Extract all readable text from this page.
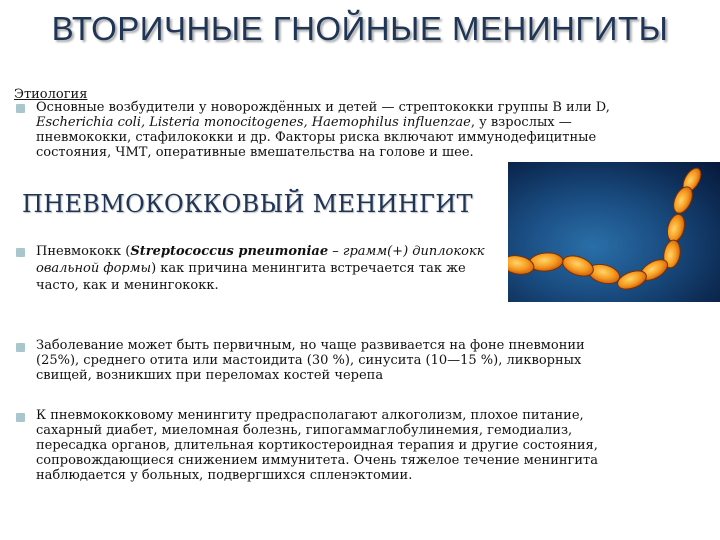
ВТОРИЧНЫЕ ГНОЙНЫЕ МЕНИНГИТЫ
Этиология
Основные возбудители у новорождённых и детей — стрептококки группы В или D,
Escherichia coli, Listeria monocitogenes, Haemophilus influenzae, у взрослых —
пневмококки, стафилококки и др. Факторы риска включают иммунодефицитные
состояния, ЧМТ, оперативные вмешательства на голове и шее.
ПНЕВМОКОККОВЫЙ МЕНИНГИТ
Пневмококк (Streptococcus pneumoniae – грамм(+) диплококк
овальной формы) как причина менингита встречается так же
часто, как и менингококк.
Заболевание может быть первичным, но чаще развивается на фоне пневмонии
(25%), среднего отита или мастоидита (30 %), синусита (10—15 %), ликворных
свищей, возникших при переломах костей черепа
К пневмококковому менингиту предрасполагают алкоголизм, плохое питание,
сахарный диабет, миеломная болезнь, гипогаммаглобулинемия, гемодиализ,
пересадка органов, длительная кортикостероидная терапия и другие состояния,
сопровождающиеся снижением иммунитета. Очень тяжелое течение менингита
наблюдается у больных, подвергшихся спленэктомии.
